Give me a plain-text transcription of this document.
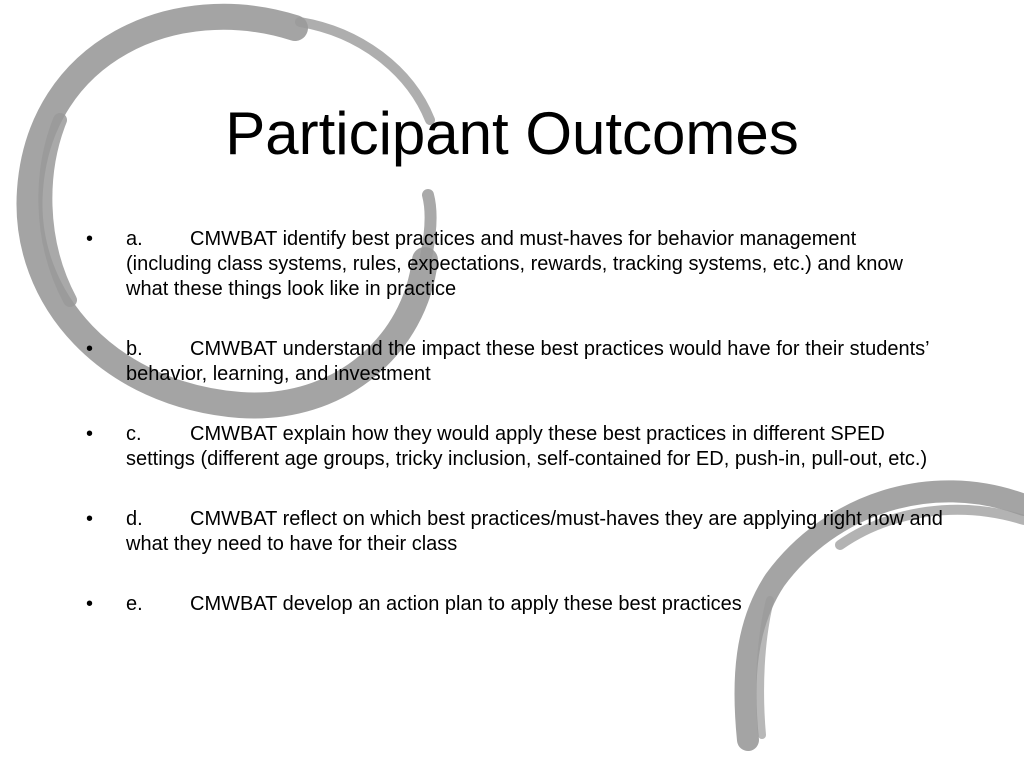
Participant Outcomes
•	a. CMWBAT identify best practices and must-haves for behavior management (including class systems, rules, expectations, rewards, tracking systems, etc.) and know what these things look like in practice
•	b. CMWBAT understand the impact these best practices would have for their students’ behavior, learning, and investment
•	c. CMWBAT explain how they would apply these best practices in different SPED settings (different age groups, tricky inclusion, self-contained for ED, push-in, pull-out, etc.)
•	d. CMWBAT reflect on which best practices/must-haves they are applying right now and what they need to have for their class
•	e. CMWBAT develop an action plan to apply these best practices
